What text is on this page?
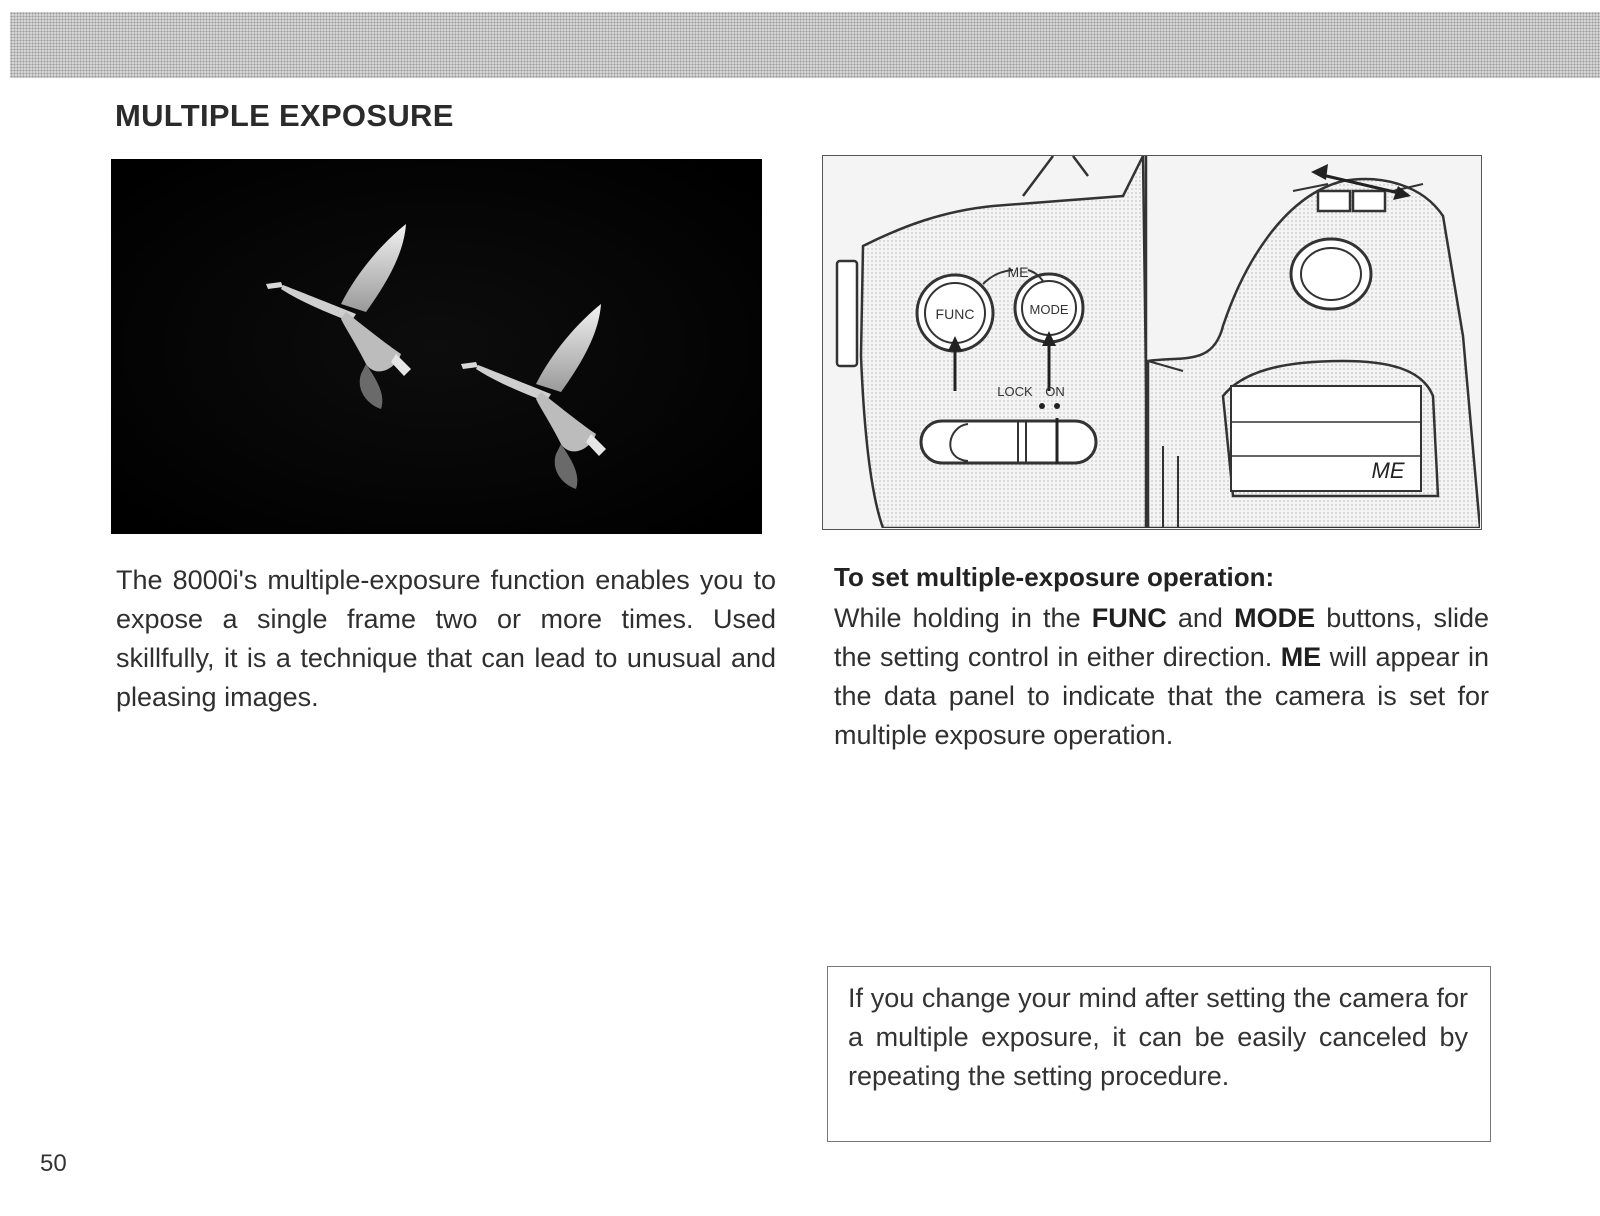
MULTIPLE EXPOSURE
FUNC	MODE
ME
LOCK ON
ME

The 8000i's multiple-exposure function enables you to expose a single frame two or more times. Used skillfully, it is a technique that can lead to unusual and pleasing images.

To set multiple-exposure operation:

While holding in the FUNC and MODE buttons, slide the setting control in either direction. ME will appear in the data panel to indicate that the camera is set for multiple exposure operation.

If you change your mind after setting the camera for a multiple exposure, it can be easily canceled by repeating the setting procedure.

50
